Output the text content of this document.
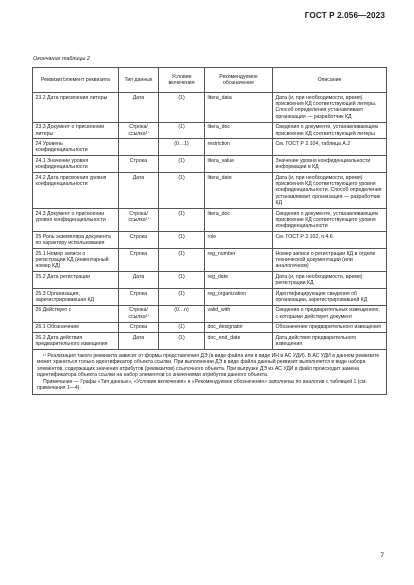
ГОСТ Р 2.056—2023
Окончание таблицы 2
Реквизит/элемент реквизита	Тип данных	Условие включения	Рекомендуемое обозначение	Описание
23.2 Дата присвоения литеры	Дата	(1)	litera_data	Дата (и, при необходимости, время) присвоения КД соответствующей литеры. Способ определения устанавливает организация — разработчик КД
23.3 Документ о присвоении литеры	Строка/ссылка¹⁾	(1)	litera_doc	Сведения о документе, устанавливающем присвоение КД соответствующей литеры
24 Уровень конфиденциальности		(0…1)	restriction	См. ГОСТ Р 2.104, таблица А.2
24.1 Значение уровня конфиденциальности	Строка	(1)	litera_value	Значение уровня конфиденциальности информации в КД
24.2 Дата присвоения уровня конфиденциальности	Дата	(1)	litera_date	Дата (и, при необходимости, время) присвоения КД соответствующего уровня конфиденциальности. Способ определения устанавливает организация — разработчик КД
24.3 Документ о присвоении уровня конфиденциальности	Строка/ссылка¹⁾	(1)	litera_doc	Сведения о документе, устанавливающем присвоение КД соответствующего уровня конфиденциальности
25 Роль экземпляра документа по характеру использования	Строка	(1)	role	См. ГОСТ Р 2.102, п.4.6
25.1 Номер записи о регистрации КД (инвентарный номер КД)	Строка	(1)	reg_number	Номер записи о регистрации КД в отделе технической документации (или аналогичном)
25.2 Дата регистрации	Дата	(1)	reg_date	Дата (и, при необходимости, время) регистрации КД
25.3 Организация, зарегистрировавшая КД	Строка	(1)	reg_organization	Идентифицирующие сведения об организации, зарегистрировавшей КД
26 Действует с	Строка/ссылка¹⁾	(0…n)	valid_with	Сведения о предварительных извещениях, с которыми действует документ
26.1 Обозначение	Строка	(1)	doc_designator	Обозначение предварительного извещения
26.2 Дата действия предварительного извещения	Дата	(1)	doc_end_date	Дата действия предварительного извещения

¹⁾ Реализация такого реквизита зависит от формы представления ДЭ (в виде файла или в виде ИН в АС УДИ). В АС УДИ в данном реквизите может храниться только идентификатор объекта ссылки. При выполнении ДЭ в виде файла данный реквизит выполняется в виде набора элементов, содержащих значения атрибутов (реквизитов) ссылочного объекта. При выгрузке ДЭ из АС УДИ в файл происходит замена идентификатора объекта ссылки на набор элементов со значениями атрибутов данного объекта.

Примечание — Графы «Тип данных», «Условие включения» и «Рекомендуемое обозначение» заполнены по аналогии с таблицей 1 (см. примечания 1—4).				

7
